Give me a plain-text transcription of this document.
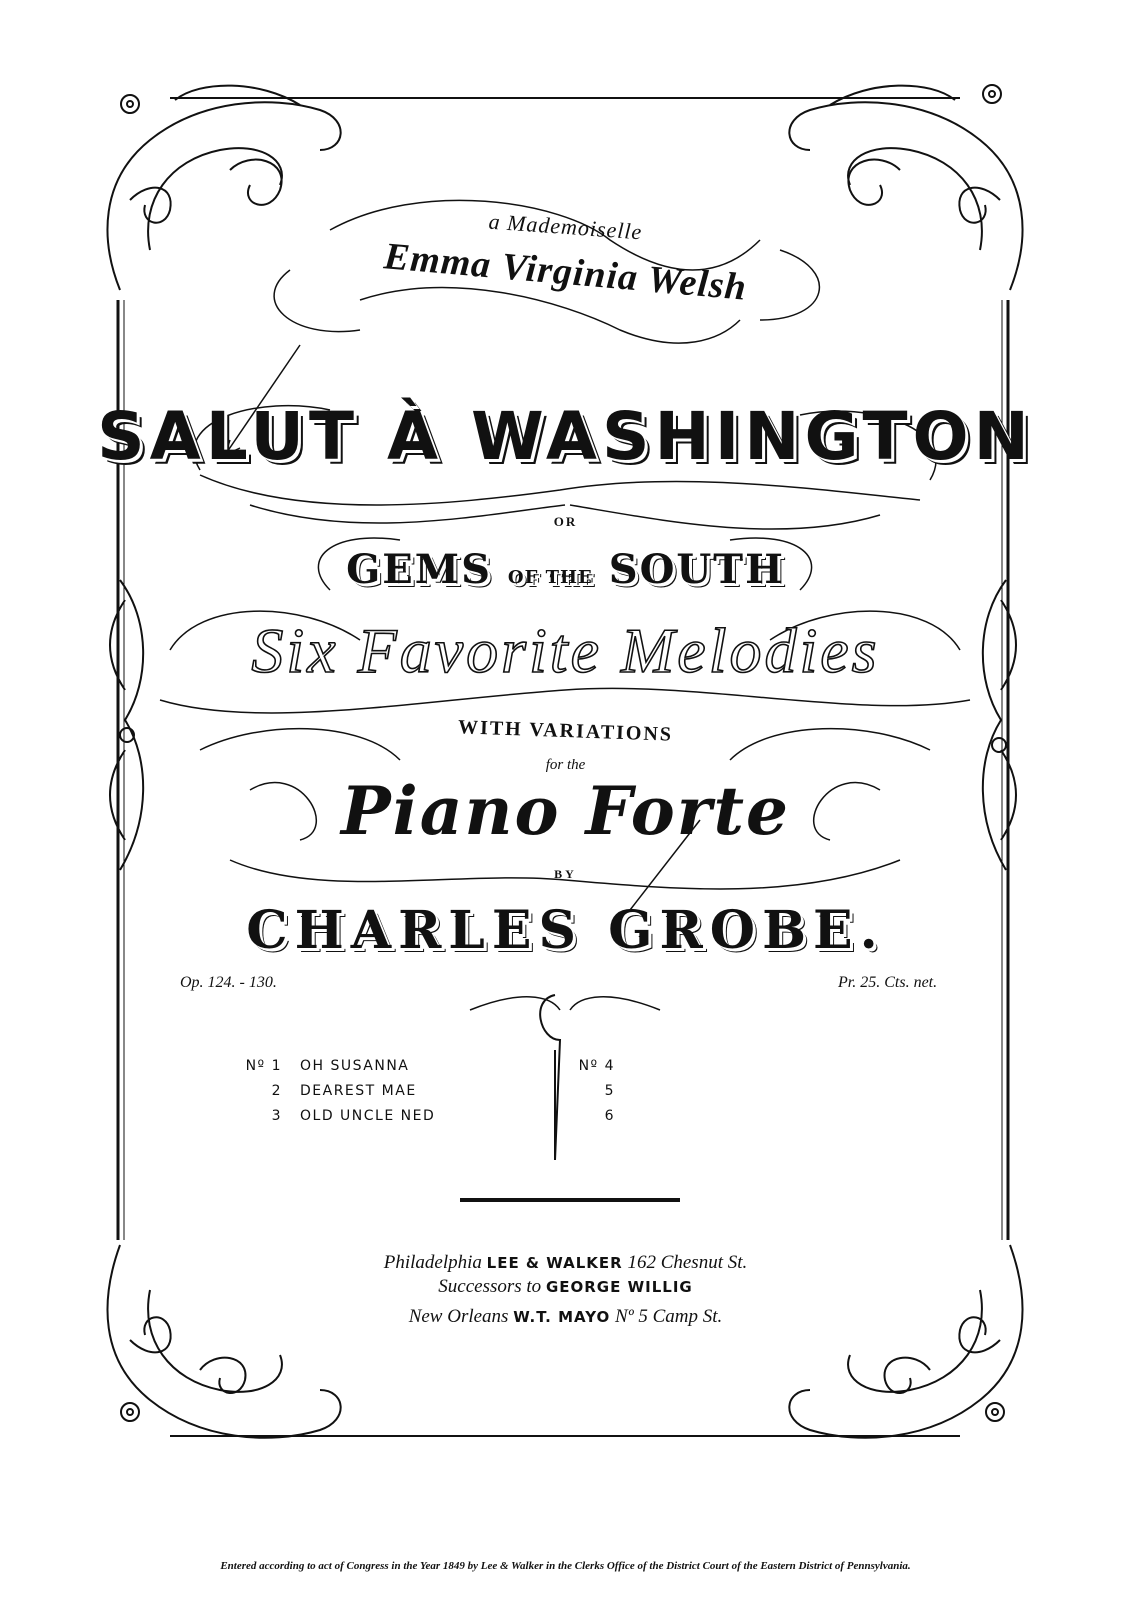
a Mademoiselle
Emma Virginia Welsh
SALUT À WASHINGTON
OR
GEMS OF THE SOUTH
Six Favorite Melodies
WITH VARIATIONS
for the
Piano Forte
BY
CHARLES GROBE.
Op. 124. - 130.	Pr. 25. Cts. net.
Nº 1 OH SUSANNA
2 DEAREST MAE
3 OLD UNCLE NED
Nº 4
5
6
Philadelphia LEE & WALKER 162 Chesnut St.
Successors to GEORGE WILLIG
New Orleans W.T. MAYO Nº 5 Camp St.
Entered according to act of Congress in the Year 1849 by Lee & Walker in the Clerks Office of the District Court of the Eastern District of Pennsylvania.
